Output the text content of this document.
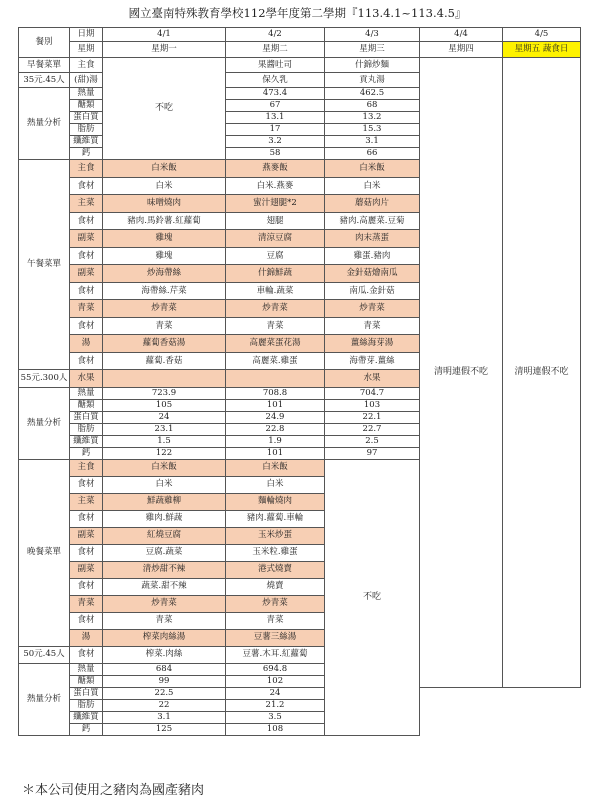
國立臺南特殊教育學校112學年度第二學期『113.4.1~113.4.5』
餐別	日期	4/1	4/2	4/3	4/4	4/5
	星期	星期一	星期二	星期三	星期四	星期五 蔬食日
早餐菜單	主食	不吃	果醬吐司	什錦炒麵	清明連假不吃	清明連假不吃
35元.45人	(甜)湯		保久乳	貢丸湯		
熱量分析	熱量		473.4	462.5		
	醣類		67	68		
	蛋白質		13.1	13.2		
	脂肪		17	15.3		
	纖維質		3.2	3.1		
	鈣		58	66		
午餐菜單	主食	白米飯	燕麥飯	白米飯		
	食材	白米	白米.燕麥	白米		
	主菜	味噌燒肉	蜜汁翅腿*2	蘑菇肉片		
	食材	豬肉.馬鈴薯.紅蘿蔔	翅腿	豬肉.高麗菜.豆菊		
	副菜	雞塊	清涼豆腐	肉末蒸蛋		
	食材	雞塊	豆腐	雞蛋.豬肉		
	副菜	炒海帶絲	什錦鮮蔬	金針菇燴南瓜		
	食材	海帶絲.芹菜	車輪.蔬菜	南瓜.金針菇		
	青菜	炒青菜	炒青菜	炒青菜		
	食材	青菜	青菜	青菜		
	湯	蘿蔔香菇湯	高麗菜蛋花湯	薑絲海芽湯		
	食材	蘿蔔.香菇	高麗菜.雞蛋	海帶芽.薑絲		
55元.300人	水果			水果		
熱量分析	熱量	723.9	708.8	704.7		
	醣類	105	101	103		
	蛋白質	24	24.9	22.1		
	脂肪	23.1	22.8	22.7		
	纖維質	1.5	1.9	2.5		
	鈣	122	101	97		
晚餐菜單	主食	白米飯	白米飯	不吃		
	食材	白米	白米			
	主菜	鮮蔬雞柳	麵輪燒肉			
	食材	雞肉.鮮蔬	豬肉.蘿蔔.車輪			
	副菜	紅燒豆腐	玉米炒蛋			
	食材	豆腐.蔬菜	玉米粒.雞蛋			
	副菜	清炒甜不辣	港式燒賣			
	食材	蔬菜.甜不辣	燒賣			
	青菜	炒青菜	炒青菜			
	食材	青菜	青菜			
	湯	榨菜肉絲湯	豆薯三絲湯			
50元.45人	食材	榨菜.肉絲	豆薯.木耳.紅蘿蔔			
熱量分析	熱量	684	694.8			
	醣類	99	102			
	蛋白質	22.5	24			
	脂肪	22	21.2			
	纖維質	3.1	3.5			
	鈣	125	108			
＊本公司使用之豬肉為國產豬肉
